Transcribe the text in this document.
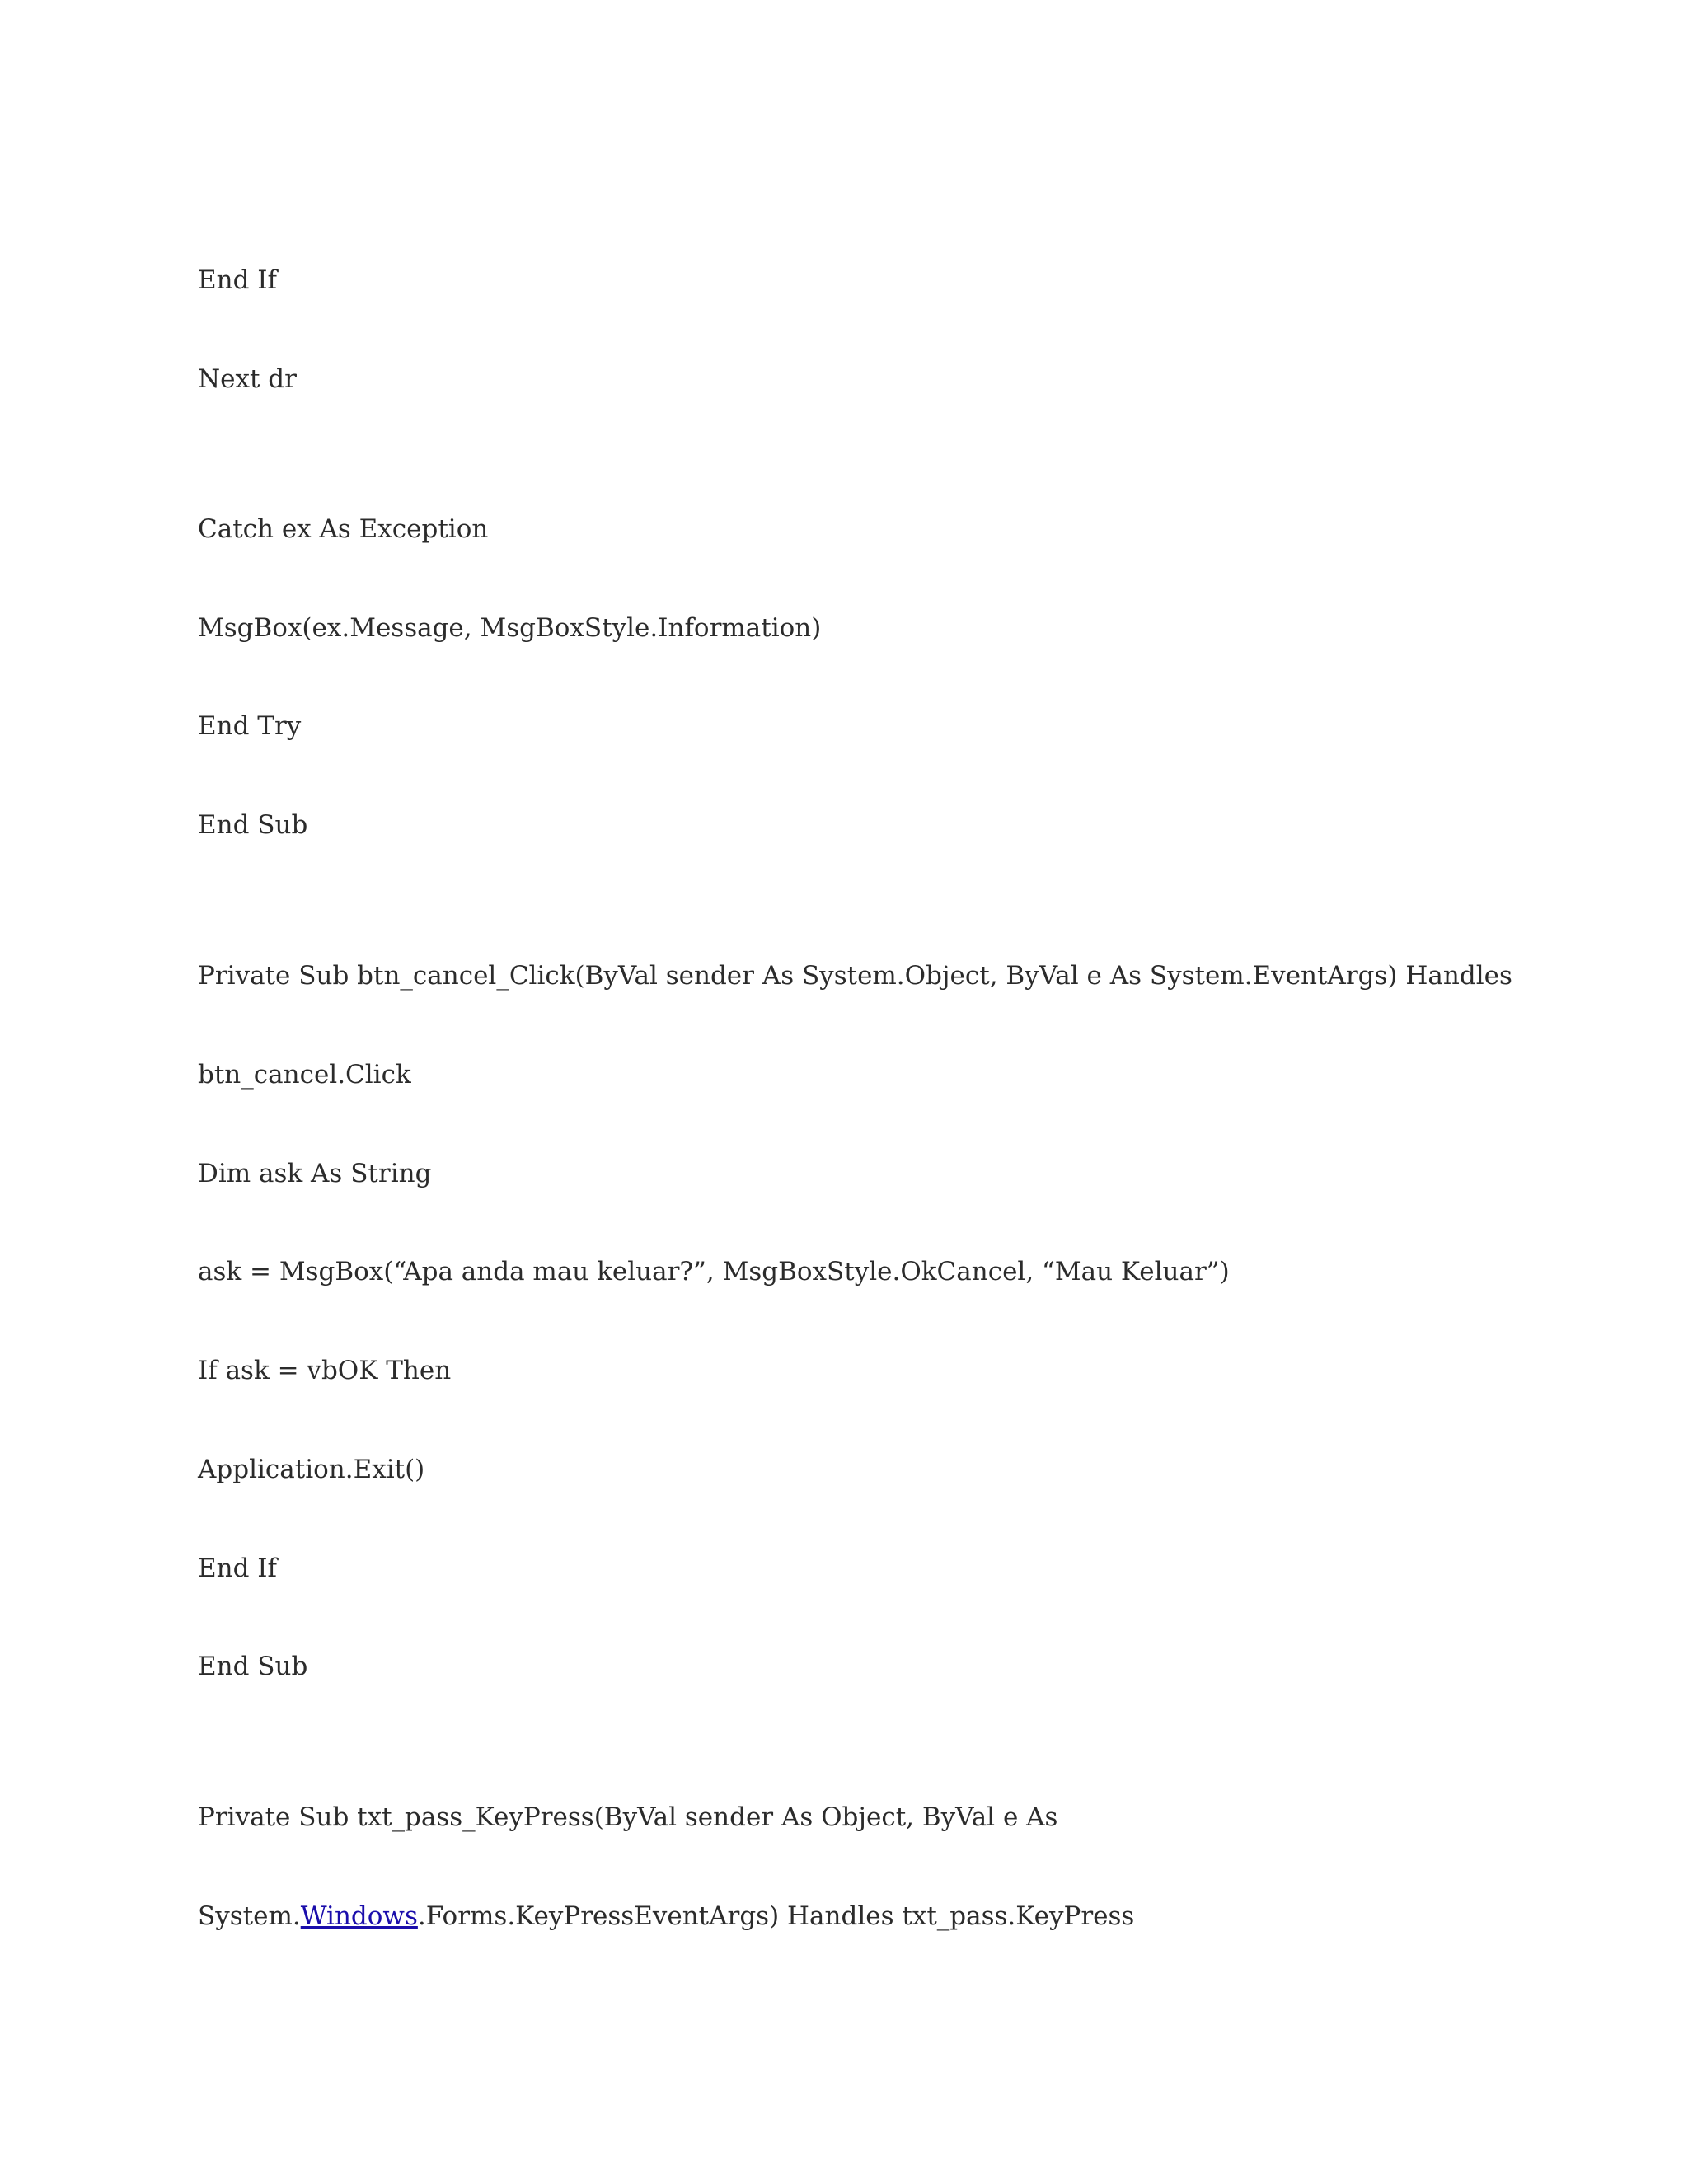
End If
Next dr
Catch ex As Exception
MsgBox(ex.Message, MsgBoxStyle.Information)
End Try
End Sub
Private Sub btn_cancel_Click(ByVal sender As System.Object, ByVal e As System.EventArgs) Handles
btn_cancel.Click
Dim ask As String
ask = MsgBox(“Apa anda mau keluar?”, MsgBoxStyle.OkCancel, “Mau Keluar”)
If ask = vbOK Then
Application.Exit()
End If
End Sub
Private Sub txt_pass_KeyPress(ByVal sender As Object, ByVal e As
System.Windows.Forms.KeyPressEventArgs) Handles txt_pass.KeyPress
